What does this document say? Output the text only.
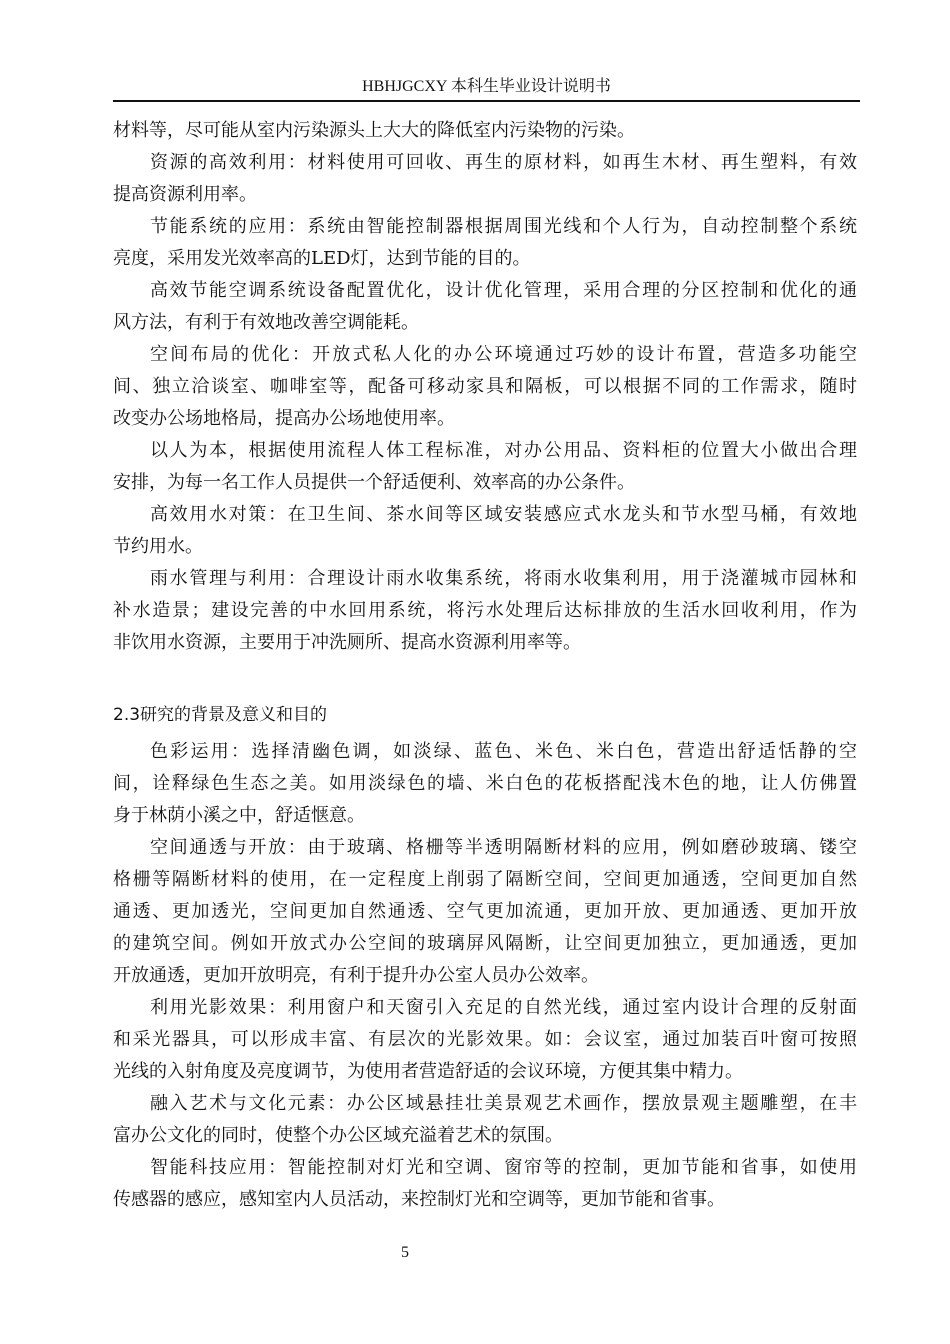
HBHJGCXY 本科生毕业设计说明书
材料等，尽可能从室内污染源头上大大的降低室内污染物的污染。
资源的高效利用：材料使用可回收、再生的原材料，如再生木材、再生塑料，有效
提高资源利用率。
节能系统的应用：系统由智能控制器根据周围光线和个人行为，自动控制整个系统
亮度，采用发光效率高的LED灯，达到节能的目的。
高效节能空调系统设备配置优化，设计优化管理，采用合理的分区控制和优化的通
风方法，有利于有效地改善空调能耗。
空间布局的优化：开放式私人化的办公环境通过巧妙的设计布置，营造多功能空
间、独立洽谈室、咖啡室等，配备可移动家具和隔板，可以根据不同的工作需求，随时
改变办公场地格局，提高办公场地使用率。
以人为本，根据使用流程人体工程标准，对办公用品、资料柜的位置大小做出合理
安排，为每一名工作人员提供一个舒适便利、效率高的办公条件。
高效用水对策：在卫生间、茶水间等区域安装感应式水龙头和节水型马桶，有效地
节约用水。
雨水管理与利用：合理设计雨水收集系统，将雨水收集利用，用于浇灌城市园林和
补水造景；建设完善的中水回用系统，将污水处理后达标排放的生活水回收利用，作为
非饮用水资源，主要用于冲洗厕所、提高水资源利用率等。
2.3研究的背景及意义和目的
色彩运用：选择清幽色调，如淡绿、蓝色、米色、米白色，营造出舒适恬静的空
间，诠释绿色生态之美。如用淡绿色的墙、米白色的花板搭配浅木色的地，让人仿佛置
身于林荫小溪之中，舒适惬意。
空间通透与开放：由于玻璃、格栅等半透明隔断材料的应用，例如磨砂玻璃、镂空
格栅等隔断材料的使用，在一定程度上削弱了隔断空间，空间更加通透，空间更加自然
通透、更加透光，空间更加自然通透、空气更加流通，更加开放、更加通透、更加开放
的建筑空间。例如开放式办公空间的玻璃屏风隔断，让空间更加独立，更加通透，更加
开放通透，更加开放明亮，有利于提升办公室人员办公效率。
利用光影效果：利用窗户和天窗引入充足的自然光线，通过室内设计合理的反射面
和采光器具，可以形成丰富、有层次的光影效果。如：会议室，通过加装百叶窗可按照
光线的入射角度及亮度调节，为使用者营造舒适的会议环境，方便其集中精力。
融入艺术与文化元素：办公区域悬挂壮美景观艺术画作，摆放景观主题雕塑，在丰
富办公文化的同时，使整个办公区域充溢着艺术的氛围。
智能科技应用：智能控制对灯光和空调、窗帘等的控制，更加节能和省事，如使用
传感器的感应，感知室内人员活动，来控制灯光和空调等，更加节能和省事。
5
